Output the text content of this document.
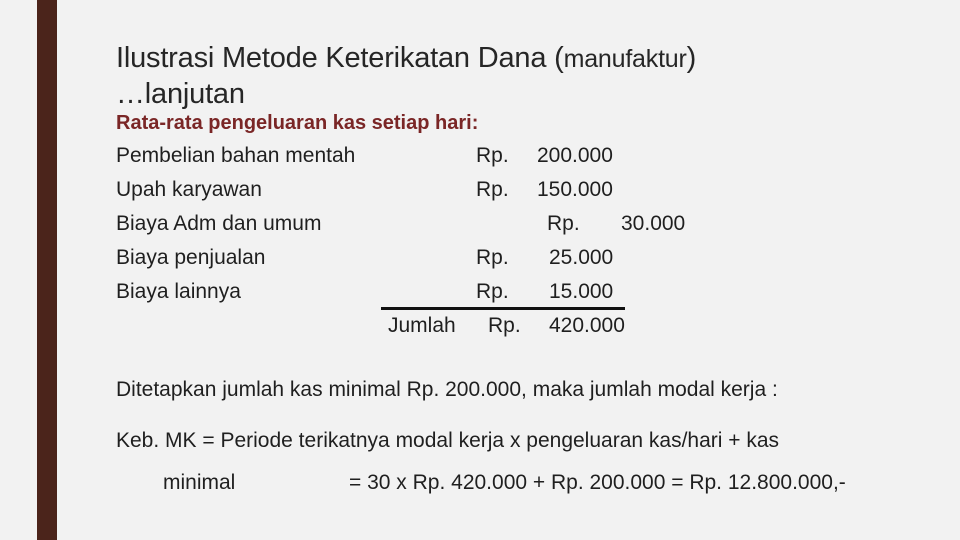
Ilustrasi Metode Keterikatan Dana (manufaktur)
…lanjutan
Rata-rata pengeluaran kas setiap hari:
Pembelian bahan mentah	Rp. 200.000
Upah karyawan	Rp. 150.000
Biaya Adm dan umum	Rp. 30.000
Biaya penjualan	Rp. 25.000
Biaya lainnya	Rp. 15.000
Jumlah Rp. 420.000
Ditetapkan jumlah kas minimal Rp. 200.000, maka jumlah modal kerja :
Keb. MK = Periode terikatnya modal kerja x pengeluaran kas/hari + kas
minimal	= 30 x Rp. 420.000 + Rp. 200.000 = Rp. 12.800.000,-
